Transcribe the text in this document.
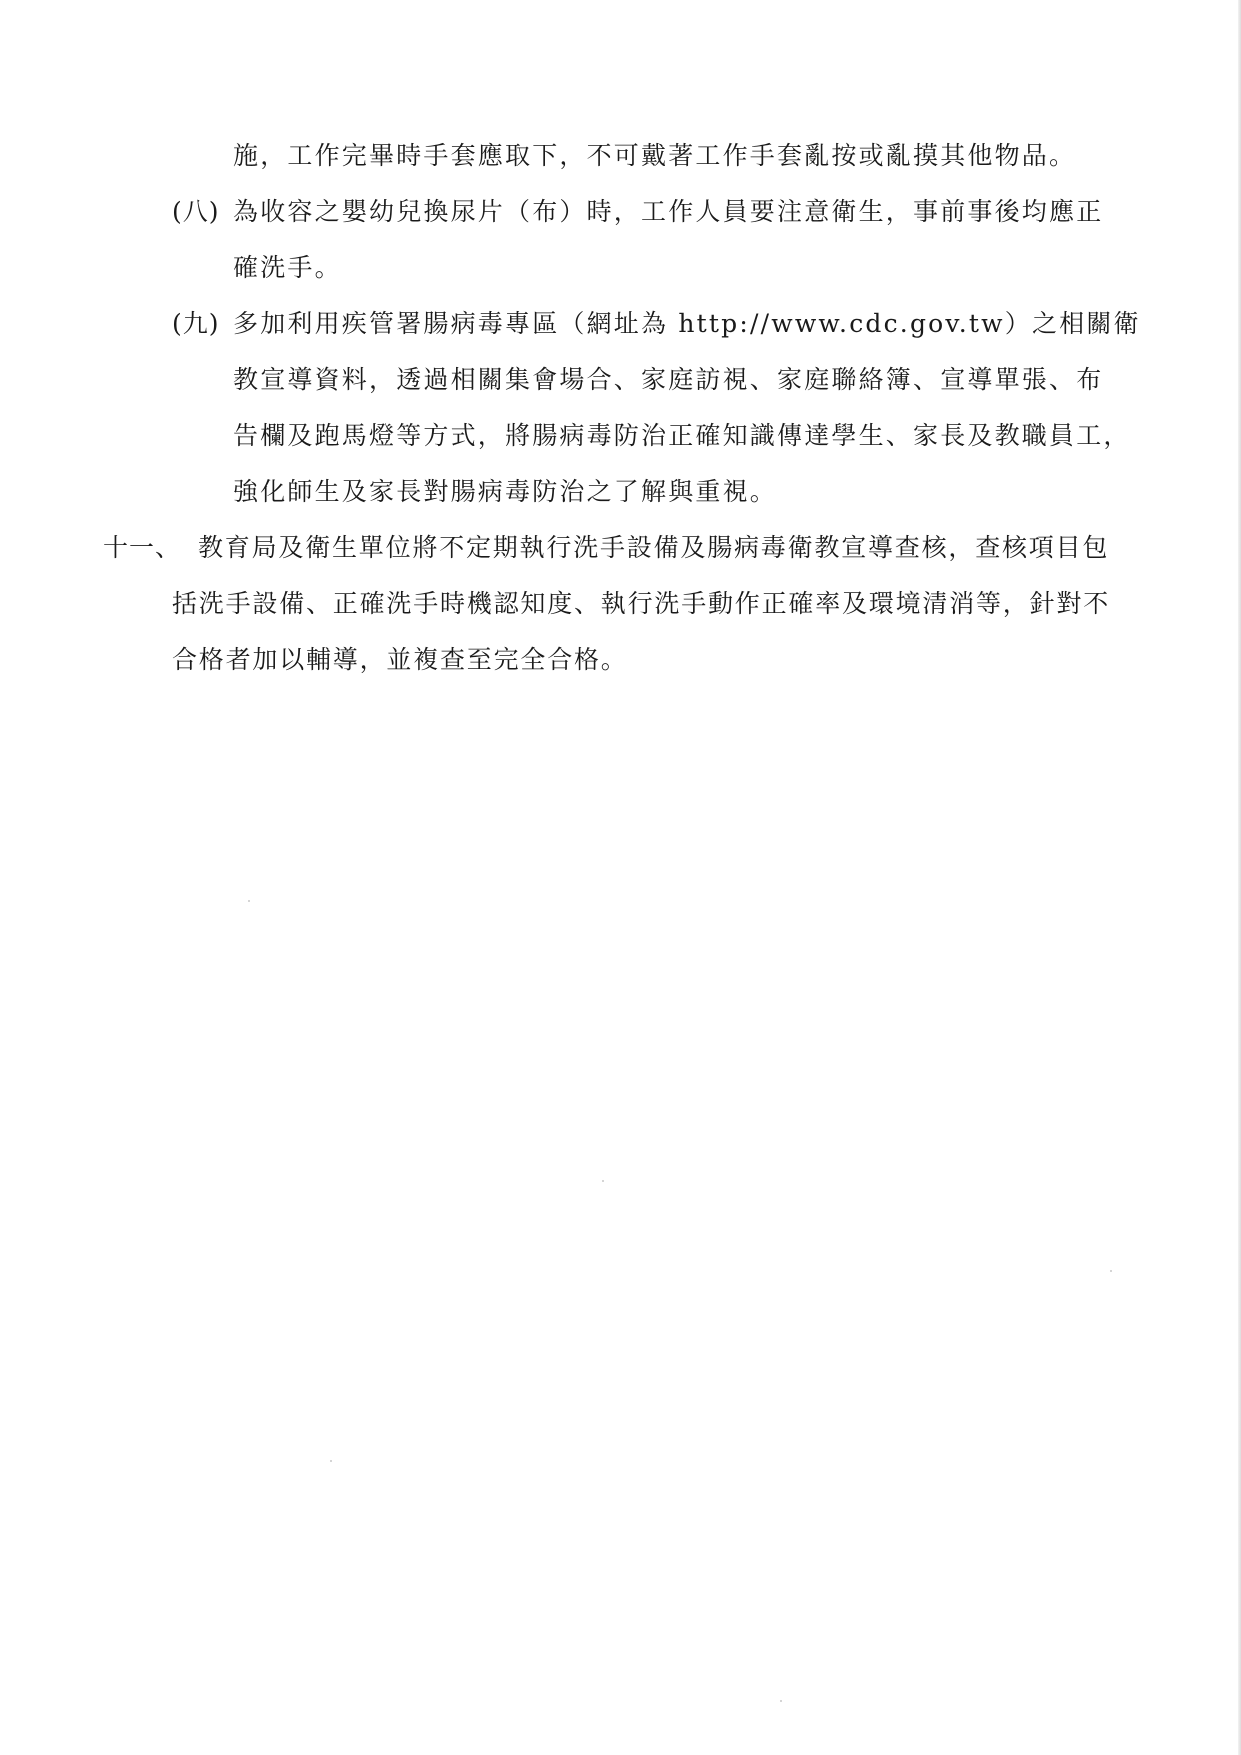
施，工作完畢時手套應取下，不可戴著工作手套亂按或亂摸其他物品。
(八) 為收容之嬰幼兒換尿片（布）時，工作人員要注意衛生，事前事後均應正
確洗手。
(九) 多加利用疾管署腸病毒專區（網址為 http://www.cdc.gov.tw）之相關衛
教宣導資料，透過相關集會場合、家庭訪視、家庭聯絡簿、宣導單張、布
告欄及跑馬燈等方式，將腸病毒防治正確知識傳達學生、家長及教職員工，
強化師生及家長對腸病毒防治之了解與重視。
十一、 教育局及衛生單位將不定期執行洗手設備及腸病毒衛教宣導查核，查核項目包
括洗手設備、正確洗手時機認知度、執行洗手動作正確率及環境清消等，針對不
合格者加以輔導，並複查至完全合格。
